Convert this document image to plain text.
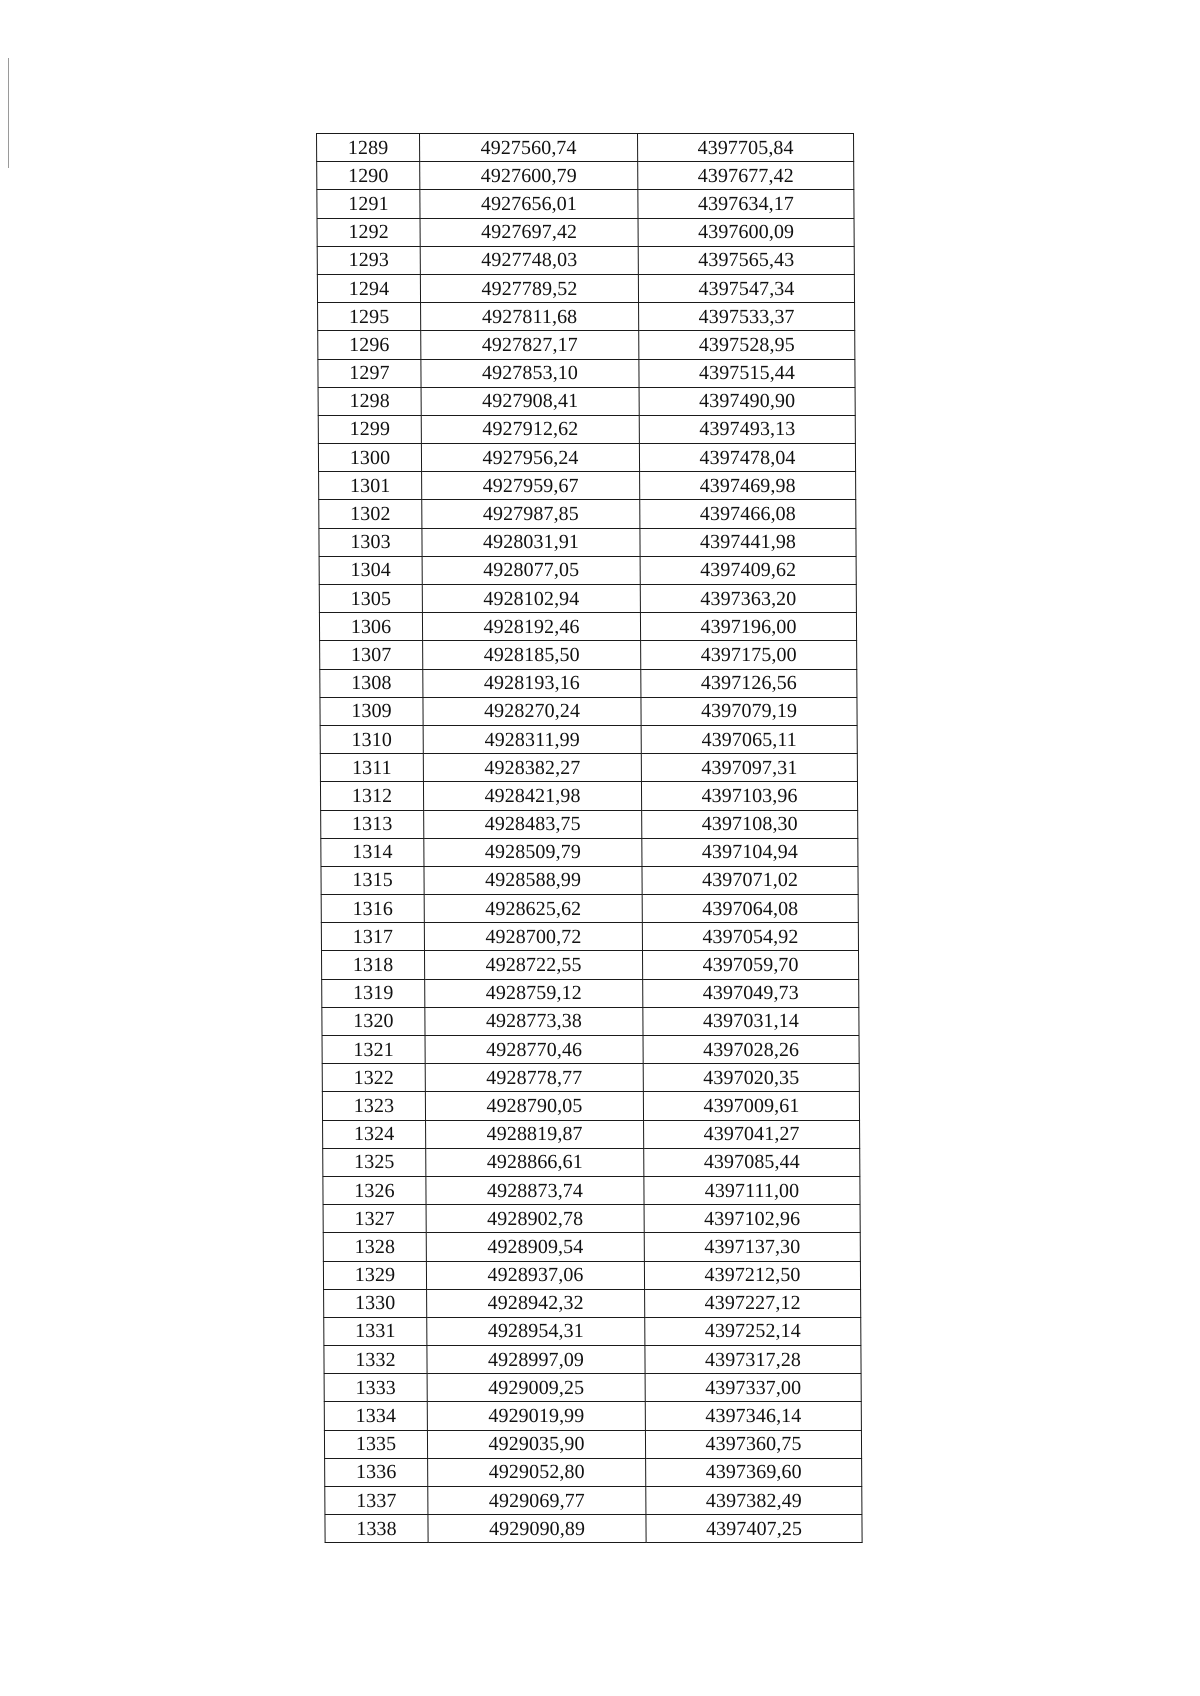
1289	4927560,74	4397705,84
1290	4927600,79	4397677,42
1291	4927656,01	4397634,17
1292	4927697,42	4397600,09
1293	4927748,03	4397565,43
1294	4927789,52	4397547,34
1295	4927811,68	4397533,37
1296	4927827,17	4397528,95
1297	4927853,10	4397515,44
1298	4927908,41	4397490,90
1299	4927912,62	4397493,13
1300	4927956,24	4397478,04
1301	4927959,67	4397469,98
1302	4927987,85	4397466,08
1303	4928031,91	4397441,98
1304	4928077,05	4397409,62
1305	4928102,94	4397363,20
1306	4928192,46	4397196,00
1307	4928185,50	4397175,00
1308	4928193,16	4397126,56
1309	4928270,24	4397079,19
1310	4928311,99	4397065,11
1311	4928382,27	4397097,31
1312	4928421,98	4397103,96
1313	4928483,75	4397108,30
1314	4928509,79	4397104,94
1315	4928588,99	4397071,02
1316	4928625,62	4397064,08
1317	4928700,72	4397054,92
1318	4928722,55	4397059,70
1319	4928759,12	4397049,73
1320	4928773,38	4397031,14
1321	4928770,46	4397028,26
1322	4928778,77	4397020,35
1323	4928790,05	4397009,61
1324	4928819,87	4397041,27
1325	4928866,61	4397085,44
1326	4928873,74	4397111,00
1327	4928902,78	4397102,96
1328	4928909,54	4397137,30
1329	4928937,06	4397212,50
1330	4928942,32	4397227,12
1331	4928954,31	4397252,14
1332	4928997,09	4397317,28
1333	4929009,25	4397337,00
1334	4929019,99	4397346,14
1335	4929035,90	4397360,75
1336	4929052,80	4397369,60
1337	4929069,77	4397382,49
1338	4929090,89	4397407,25
